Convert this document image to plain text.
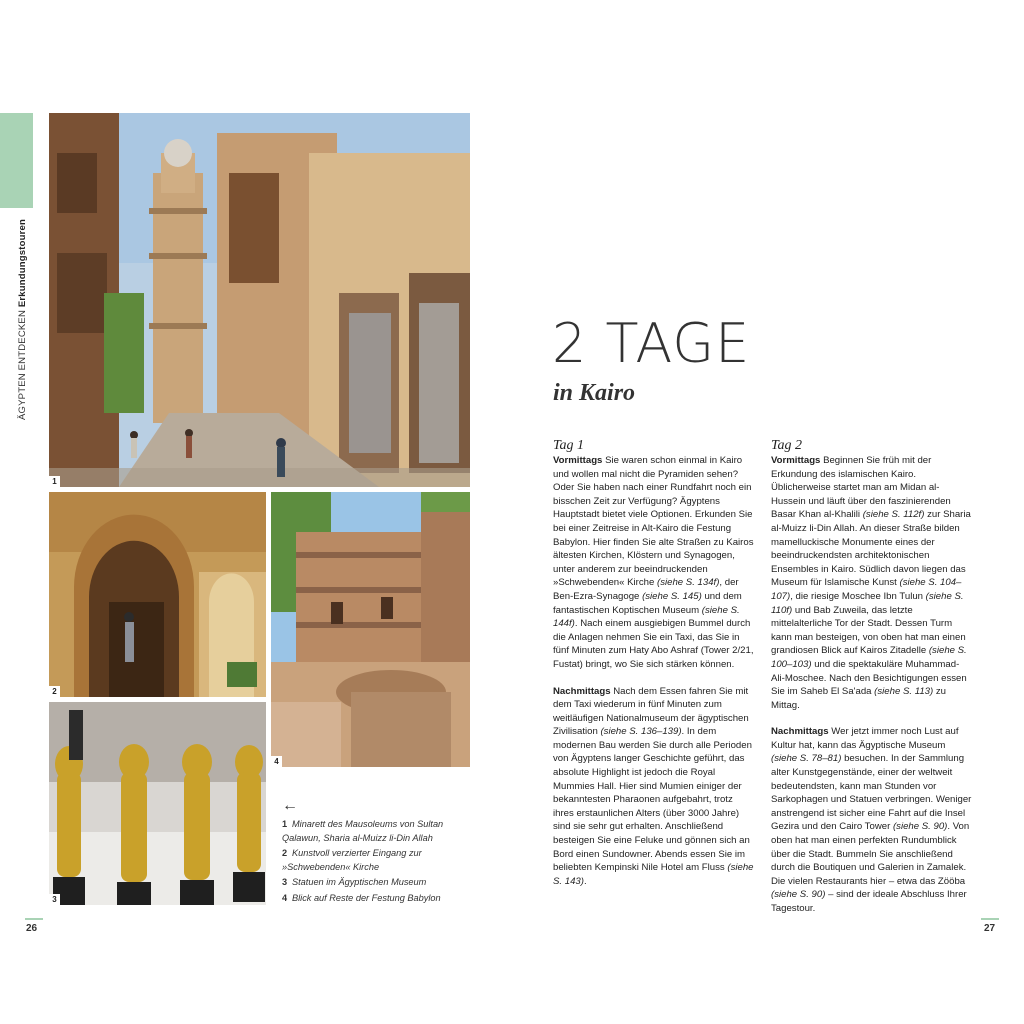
ÄGYPTEN ENTDECKEN Erkundungstouren
1
2
4
3
←
1 Minarett des Mausoleums von Sultan Qalawun, Sharia al-Muizz li-Din Allah
2 Kunstvoll verzierter Eingang zur »Schwebenden« Kirche
3 Statuen im Ägyptischen Museum
4 Blick auf Reste der Festung Babylon
2 TAGE
in Kairo
Tag 1

Vormittags Sie waren schon einmal in Kairo und wollen mal nicht die Pyramiden sehen? Oder Sie haben nach einer Rundfahrt noch ein bisschen Zeit zur Verfügung? Ägyptens Hauptstadt bietet viele Optionen. Erkunden Sie bei einer Zeitreise in Alt-Kairo die Festung Babylon. Hier finden Sie alte Straßen zu Kairos ältesten Kirchen, Klöstern und Synagogen, unter anderem zur beeindruckenden »Schwebenden« Kirche (siehe S. 134f), der Ben-Ezra-Synagoge (siehe S. 145) und dem fantastischen Koptischen Museum (siehe S. 144f). Nach einem ausgiebigen Bummel durch die Anlagen nehmen Sie ein Taxi, das Sie in fünf Minuten zum Haty Abo Ashraf (Tower 2/21, Fustat) bringt, wo Sie sich stärken können.

Nachmittags Nach dem Essen fahren Sie mit dem Taxi wiederum in fünf Minuten zum weitläufigen Nationalmuseum der ägyptischen Zivilisation (siehe S. 136–139). In dem modernen Bau werden Sie durch alle Perioden von Ägyptens langer Geschichte geführt, das absolute Highlight ist jedoch die Royal Mummies Hall. Hier sind Mumien einiger der bekanntesten Pharaonen aufgebahrt, trotz ihres erstaunlichen Alters (über 3000 Jahre) sind sie sehr gut erhalten. Anschließend besteigen Sie eine Feluke und gönnen sich an Bord einen Sundowner. Abends essen Sie im beliebten Kempinski Nile Hotel am Fluss (siehe S. 143).

Tag 2

Vormittags Beginnen Sie früh mit der Erkundung des islamischen Kairo. Üblicherweise startet man am Midan al-Hussein und läuft über den faszinierenden Basar Khan al-Khalili (siehe S. 112f) zur Sharia al-Muizz li-Din Allah. An dieser Straße bilden mamelluckische Monumente eines der beeindruckendsten architektonischen Ensembles in Kairo. Südlich davon liegen das Museum für Islamische Kunst (siehe S. 104–107), die riesige Moschee Ibn Tulun (siehe S. 110f) und Bab Zuweila, das letzte mittelalterliche Tor der Stadt. Dessen Turm kann man besteigen, von oben hat man einen grandiosen Blick auf Kairos Zitadelle (siehe S. 100–103) und die spektakuläre Muhammad-Ali-Moschee. Nach den Besichtigungen essen Sie im Saheb El Sa'ada (siehe S. 113) zu Mittag.

Nachmittags Wer jetzt immer noch Lust auf Kultur hat, kann das Ägyptische Museum (siehe S. 78–81) besuchen. In der Sammlung alter Kunstgegenstände, einer der weltweit bedeutendsten, kann man Stunden vor Sarkophagen und Statuen verbringen. Weniger anstrengend ist sicher eine Fahrt auf die Insel Gezira und den Cairo Tower (siehe S. 90). Von oben hat man einen perfekten Rundumblick über die Stadt. Bummeln Sie anschließend durch die Boutiquen und Galerien in Zamalek. Die vielen Restaurants hier – etwa das Zööba (siehe S. 90) – sind der ideale Abschluss Ihrer Tagestour.

26	27
